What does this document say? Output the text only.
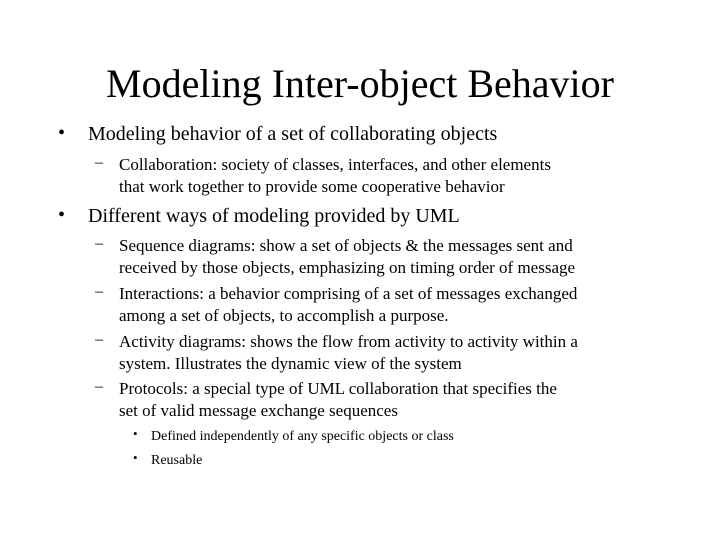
Modeling Inter-object Behavior
• Modeling behavior of a set of collaborating objects
– Collaboration: society of classes, interfaces, and other elements
that work together to provide some cooperative behavior
• Different ways of modeling provided by UML
– Sequence diagrams: show a set of objects & the messages sent and
received by those objects, emphasizing on timing order of message
– Interactions: a behavior comprising of a set of messages exchanged
among a set of objects, to accomplish a purpose.
– Activity diagrams: shows the flow from activity to activity within a
system. Illustrates the dynamic view of the system
– Protocols: a special type of UML collaboration that specifies the
set of valid message exchange sequences
• Defined independently of any specific objects or class
• Reusable
